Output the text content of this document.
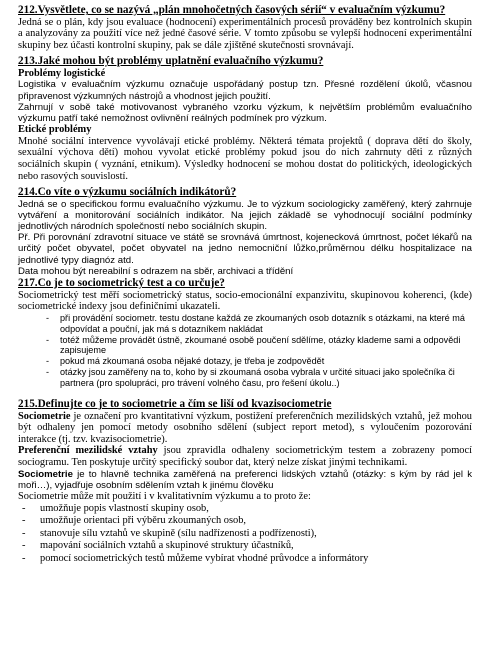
212.Vysvětlete, co se nazývá „plán mnohočetných časových sérií“ v evaluačním výzkumu?

Jedná se o plán, kdy jsou evaluace (hodnocení) experimentálních procesů prováděny bez kontrolních skupin a analyzovány za použití více než jedné časové série. V tomto způsobu se vylepší hodnocení experimentální skupiny bez účasti kontrolní skupiny, pak se dále zjištěné skutečnosti srovnávají.

213.Jaké mohou být problémy uplatnění evaluačního výzkumu?

Problémy logistické

Logistika v evaluačním výzkumu označuje uspořádaný postup tzn. Přesné rozdělení úkolů, včasnou připravenost výzkumných nástrojů a vhodnost jejich použití.

Zahrnují v sobě také motivovanost vybraného vzorku výzkum, k největším problémům evaluačního výzkumu patří také nemožnost ovlivnění reálných podmínek pro výzkum.

Etické problémy

Mnohé sociální intervence vyvolávají etické problémy. Některá témata projektů ( doprava dětí do školy, sexuální výchova dětí) mohou vyvolat etické problémy pokud jsou do nich zahrnuty děti z různých sociálních skupin ( vyznání, etnikum). Výsledky hodnocení se mohou dostat do politických, ideologických nebo rasových souvislostí.

214.Co víte o výzkumu sociálních indikátorů?

Jedná se o specifickou formu evaluačního výzkumu. Je to výzkum sociologicky zaměřený, který zahrnuje vytváření a monitorování sociálních indikátor. Na jejich základě se vyhodnocují sociální podmínky jednotlivých národních společností nebo sociálních skupin.

Př. Při porovnání zdravotní situace ve státě se srovnává úmrtnost, kojenecková úmrtnost, počet lékařů na určitý počet obyvatel, počet obyvatel na jedno nemocniční lůžko,průměrnou délku hospitalizace na jednotlivé typy diagnóz atd.

Data mohou být nereabilní s odrazem na sběr, archivaci a třídění

217.Co je to sociometrický test a co určuje?

Sociometrický test měří sociometrický status, socio-emocionální expanzivitu, skupinovou koherenci, (kde) sociometrické indexy jsou definičními ukazateli.

- při provádění sociometr. testu dostane každá ze zkoumaných osob dotazník s otázkami, na které má odpovídat a pouční, jak má s dotazníkem nakládat
- totéž můžeme provádět ústně, zkoumané osobě poučení sdělíme, otázky klademe sami a odpovědi zapisujeme
- pokud má zkoumaná osoba nějaké dotazy, je třeba je zodpovědět
- otázky jsou zaměřeny na to, koho by si zkoumaná osoba vybrala v určité situaci jako společníka či partnera (pro spolupráci, pro trávení volného času, pro řešení úkolu..)

215.Definujte co je to sociometrie a čím se liší od kvazisociometrie

Sociometrie je označení pro kvantitativní výzkum, postižení preferenčních mezilidských vztahů, jež mohou být odhaleny jen pomocí metody osobního sdělení (subject report metod), s vyloučením pozorování interakce (tj. tzv. kvazisociometrie).

Preferenční mezilidské vztahy jsou zpravidla odhaleny sociometrickým testem a zobrazeny pomocí sociogramu. Ten poskytuje určitý specifický soubor dat, který nelze získat jinými technikami.

Sociometrie je to hlavně technika zaměřená na preferenci lidských vztahů (otázky: s kým by rád jel k moři…), vyjadřuje osobním sdělením vztah k jinému člověku

Sociometrie může mít použití i v kvalitativním výzkumu a to proto že:

- umožňuje popis vlastností skupiny osob,
- umožňuje orientaci při výběru zkoumaných osob,
- stanovuje sílu vztahů ve skupině (sílu nadřízenosti a podřízenosti),
- mapování sociálních vztahů a skupinové struktury účastníků,
- pomocí sociometrických testů můžeme vybírat vhodné průvodce a informátory
